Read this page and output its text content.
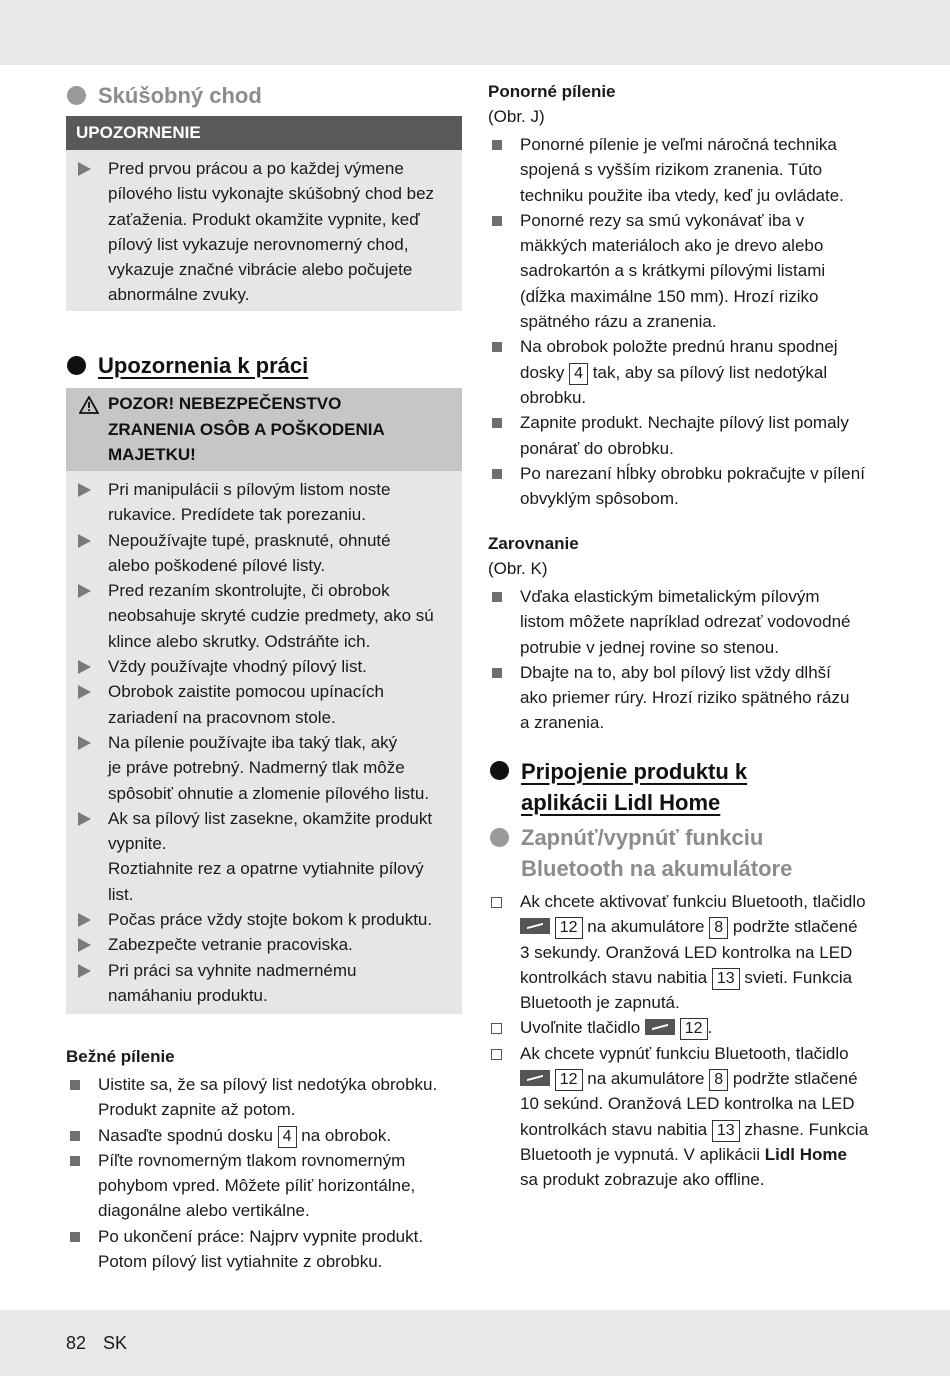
Skúšobný chod
UPOZORNENIE
Pred prvou prácou a po každej výmene
pílového listu vykonajte skúšobný chod bez
zaťaženia. Produkt okamžite vypnite, keď
pílový list vykazuje nerovnomerný chod,
vykazuje značné vibrácie alebo počujete
abnormálne zvuky.
Upozornenia k práci
POZOR! NEBEZPEČENSTVO
ZRANENIA OSÔB A POŠKODENIA
MAJETKU!
Pri manipulácii s pílovým listom noste
rukavice. Predídete tak porezaniu.
Nepoužívajte tupé, prasknuté, ohnuté
alebo poškodené pílové listy.
Pred rezaním skontrolujte, či obrobok
neobsahuje skryté cudzie predmety, ako sú
klince alebo skrutky. Odstráňte ich.
Vždy používajte vhodný pílový list.
Obrobok zaistite pomocou upínacích
zariadení na pracovnom stole.
Na pílenie používajte iba taký tlak, aký
je práve potrebný. Nadmerný tlak môže
spôsobiť ohnutie a zlomenie pílového listu.
Ak sa pílový list zasekne, okamžite produkt
vypnite.
Roztiahnite rez a opatrne vytiahnite pílový
list.
Počas práce vždy stojte bokom k produktu.
Zabezpečte vetranie pracoviska.
Pri práci sa vyhnite nadmernému
namáhaniu produktu.
Bežné pílenie
Uistite sa, že sa pílový list nedotýka obrobku.
Produkt zapnite až potom.
Nasaďte spodnú dosku 4 na obrobok.
Píľte rovnomerným tlakom rovnomerným
pohybom vpred. Môžete píliť horizontálne,
diagonálne alebo vertikálne.
Po ukončení práce: Najprv vypnite produkt.
Potom pílový list vytiahnite z obrobku.
Ponorné pílenie
(Obr. J)
Ponorné pílenie je veľmi náročná technika
spojená s vyšším rizikom zranenia. Túto
techniku použite iba vtedy, keď ju ovládate.
Ponorné rezy sa smú vykonávať iba v
mäkkých materiáloch ako je drevo alebo
sadrokartón a s krátkymi pílovými listami
(dĺžka maximálne 150 mm). Hrozí riziko
spätného rázu a zranenia.
Na obrobok položte prednú hranu spodnej
dosky 4 tak, aby sa pílový list nedotýkal
obrobku.
Zapnite produkt. Nechajte pílový list pomaly
ponárať do obrobku.
Po narezaní hĺbky obrobku pokračujte v pílení
obvyklým spôsobom.
Zarovnanie
(Obr. K)
Vďaka elastickým bimetalickým pílovým
listom môžete napríklad odrezať vodovodné
potrubie v jednej rovine so stenou.
Dbajte na to, aby bol pílový list vždy dlhší
ako priemer rúry. Hrozí riziko spätného rázu
a zranenia.
Pripojenie produktu k
aplikácii Lidl Home
Zapnúť/vypnúť funkciu
Bluetooth na akumulátore
Ak chcete aktivovať funkciu Bluetooth, tlačidlo
12 na akumulátore 8 podržte stlačené
3 sekundy. Oranžová LED kontrolka na LED
kontrolkách stavu nabitia 13 svieti. Funkcia
Bluetooth je zapnutá.
Uvoľnite tlačidlo	12 .
Ak chcete vypnúť funkciu Bluetooth, tlačidlo
12 na akumulátore 8 podržte stlačené
10 sekúnd. Oranžová LED kontrolka na LED
kontrolkách stavu nabitia 13 zhasne. Funkcia
Bluetooth je vypnutá. V aplikácii Lidl Home
sa produkt zobrazuje ako offline.
82 SK
